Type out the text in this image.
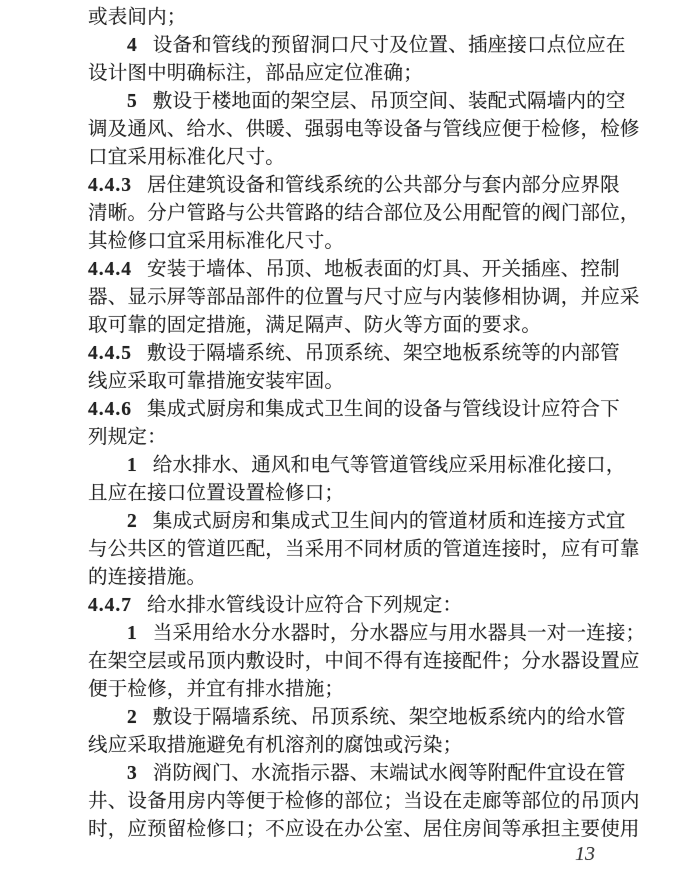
或表间内；
4 设备和管线的预留洞口尺寸及位置、插座接口点位应在
设计图中明确标注，部品应定位准确；
5 敷设于楼地面的架空层、吊顶空间、装配式隔墙内的空
调及通风、给水、供暖、强弱电等设备与管线应便于检修，检修
口宜采用标准化尺寸。
4.4.3 居住建筑设备和管线系统的公共部分与套内部分应界限
清晰。分户管路与公共管路的结合部位及公用配管的阀门部位，
其检修口宜采用标准化尺寸。
4.4.4 安装于墙体、吊顶、地板表面的灯具、开关插座、控制
器、显示屏等部品部件的位置与尺寸应与内装修相协调，并应采
取可靠的固定措施，满足隔声、防火等方面的要求。
4.4.5 敷设于隔墙系统、吊顶系统、架空地板系统等的内部管
线应采取可靠措施安装牢固。
4.4.6 集成式厨房和集成式卫生间的设备与管线设计应符合下
列规定：
1 给水排水、通风和电气等管道管线应采用标准化接口，
且应在接口位置设置检修口；
2 集成式厨房和集成式卫生间内的管道材质和连接方式宜
与公共区的管道匹配，当采用不同材质的管道连接时，应有可靠
的连接措施。
4.4.7 给水排水管线设计应符合下列规定：
1 当采用给水分水器时，分水器应与用水器具一对一连接；
在架空层或吊顶内敷设时，中间不得有连接配件；分水器设置应
便于检修，并宜有排水措施；
2 敷设于隔墙系统、吊顶系统、架空地板系统内的给水管
线应采取措施避免有机溶剂的腐蚀或污染；
3 消防阀门、水流指示器、末端试水阀等附配件宜设在管
井、设备用房内等便于检修的部位；当设在走廊等部位的吊顶内
时，应预留检修口；不应设在办公室、居住房间等承担主要使用
13
